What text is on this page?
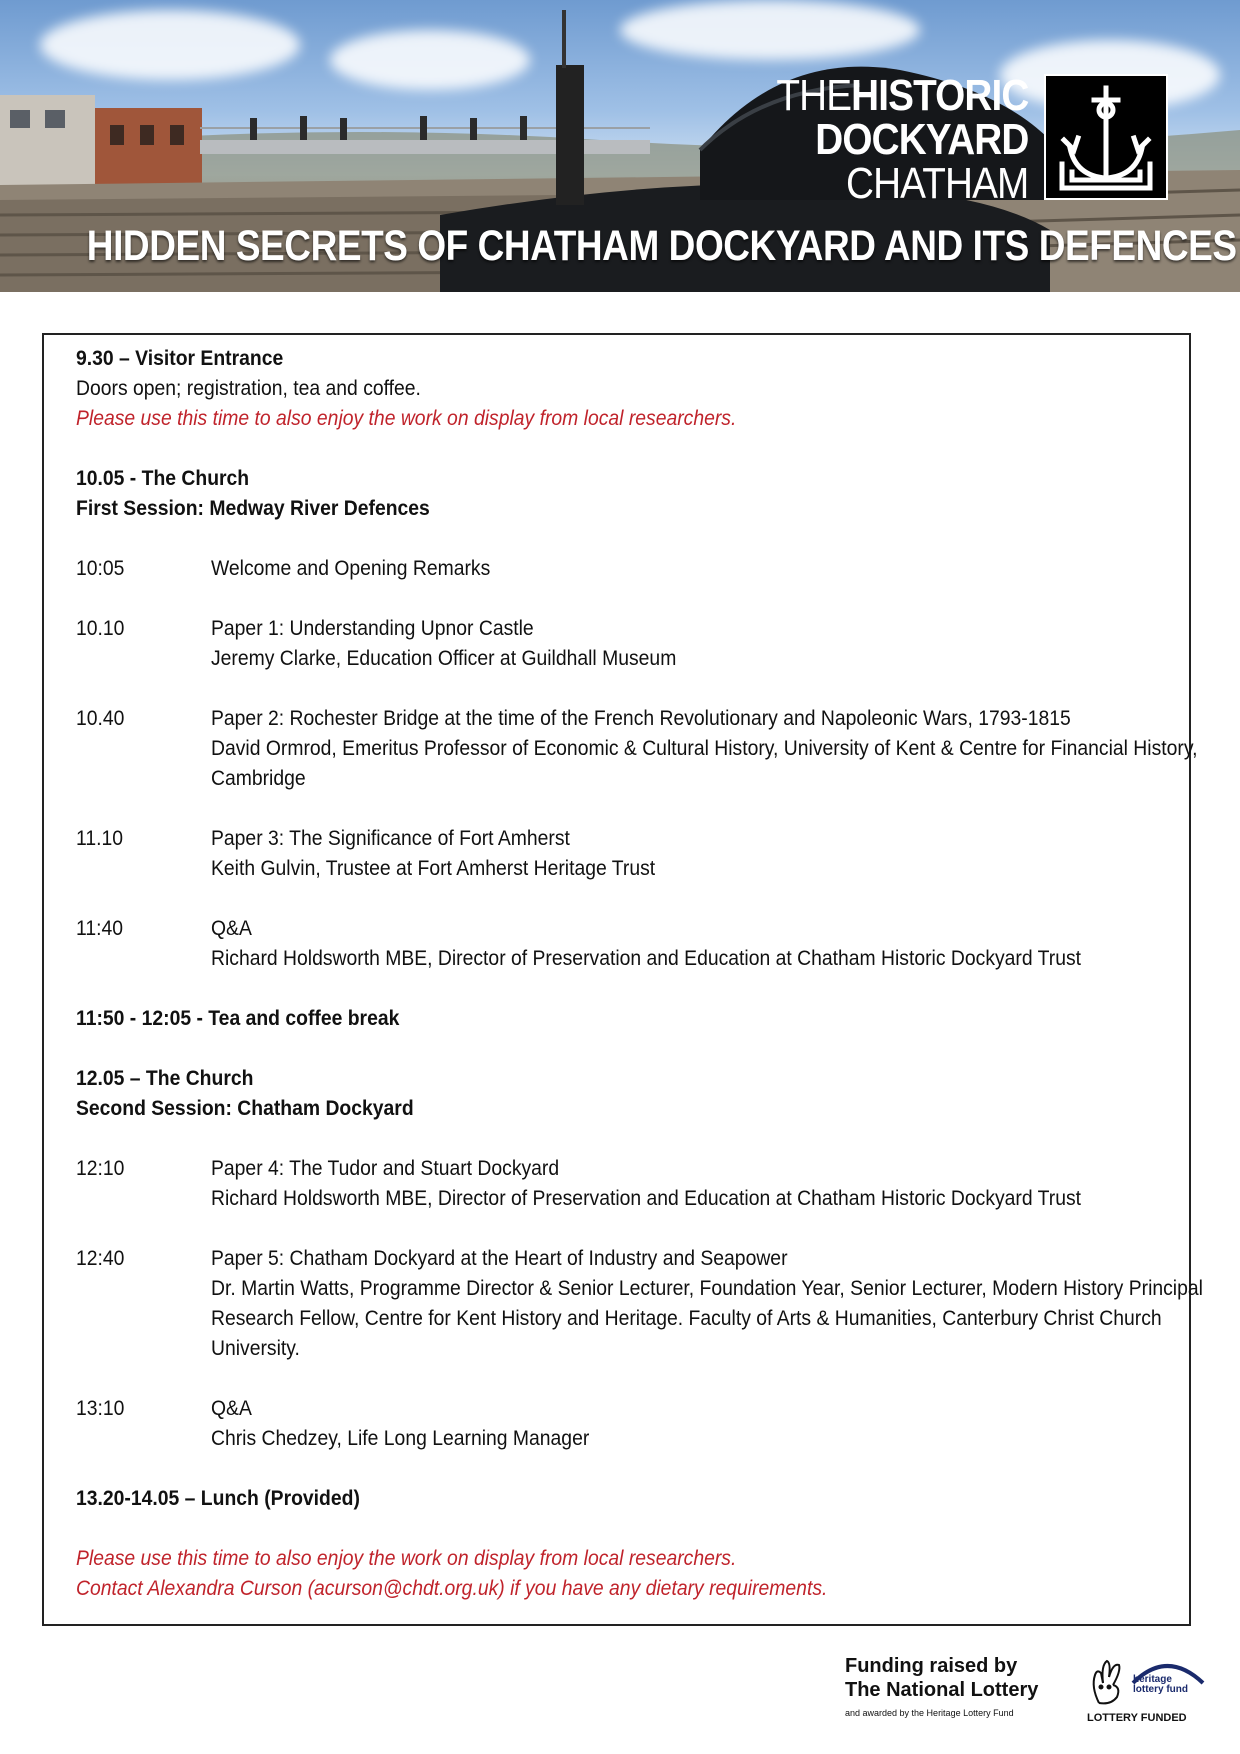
THEHISTORIC
DOCKYARD
CHATHAM
HIDDEN SECRETS OF CHATHAM DOCKYARD AND ITS DEFENCES
9.30 – Visitor Entrance
Doors open; registration, tea and coffee.
Please use this time to also enjoy the work on display from local researchers.
10.05 - The Church
First Session: Medway River Defences
10:05	Welcome and Opening Remarks
10.10	Paper 1: Understanding Upnor Castle
Jeremy Clarke, Education Officer at Guildhall Museum
10.40	Paper 2: Rochester Bridge at the time of the French Revolutionary and Napoleonic Wars, 1793-1815
David Ormrod, Emeritus Professor of Economic & Cultural History, University of Kent & Centre for Financial History, Cambridge
11.10	Paper 3: The Significance of Fort Amherst
Keith Gulvin, Trustee at Fort Amherst Heritage Trust
11:40	Q&A
Richard Holdsworth MBE, Director of Preservation and Education at Chatham Historic Dockyard Trust
11:50 - 12:05 - Tea and coffee break
12.05 – The Church
Second Session: Chatham Dockyard
12:10	Paper 4: The Tudor and Stuart Dockyard
Richard Holdsworth MBE, Director of Preservation and Education at Chatham Historic Dockyard Trust
12:40	Paper 5: Chatham Dockyard at the Heart of Industry and Seapower
Dr. Martin Watts, Programme Director & Senior Lecturer, Foundation Year, Senior Lecturer, Modern History Principal Research Fellow, Centre for Kent History and Heritage. Faculty of Arts & Humanities, Canterbury Christ Church University.
13:10	Q&A
Chris Chedzey, Life Long Learning Manager
13.20-14.05 – Lunch (Provided)
Please use this time to also enjoy the work on display from local researchers.
Contact Alexandra Curson (acurson@chdt.org.uk) if you have any dietary requirements.
Funding raised by
The National Lottery
and awarded by the Heritage Lottery Fund
heritage
lottery fund
LOTTERY FUNDED
